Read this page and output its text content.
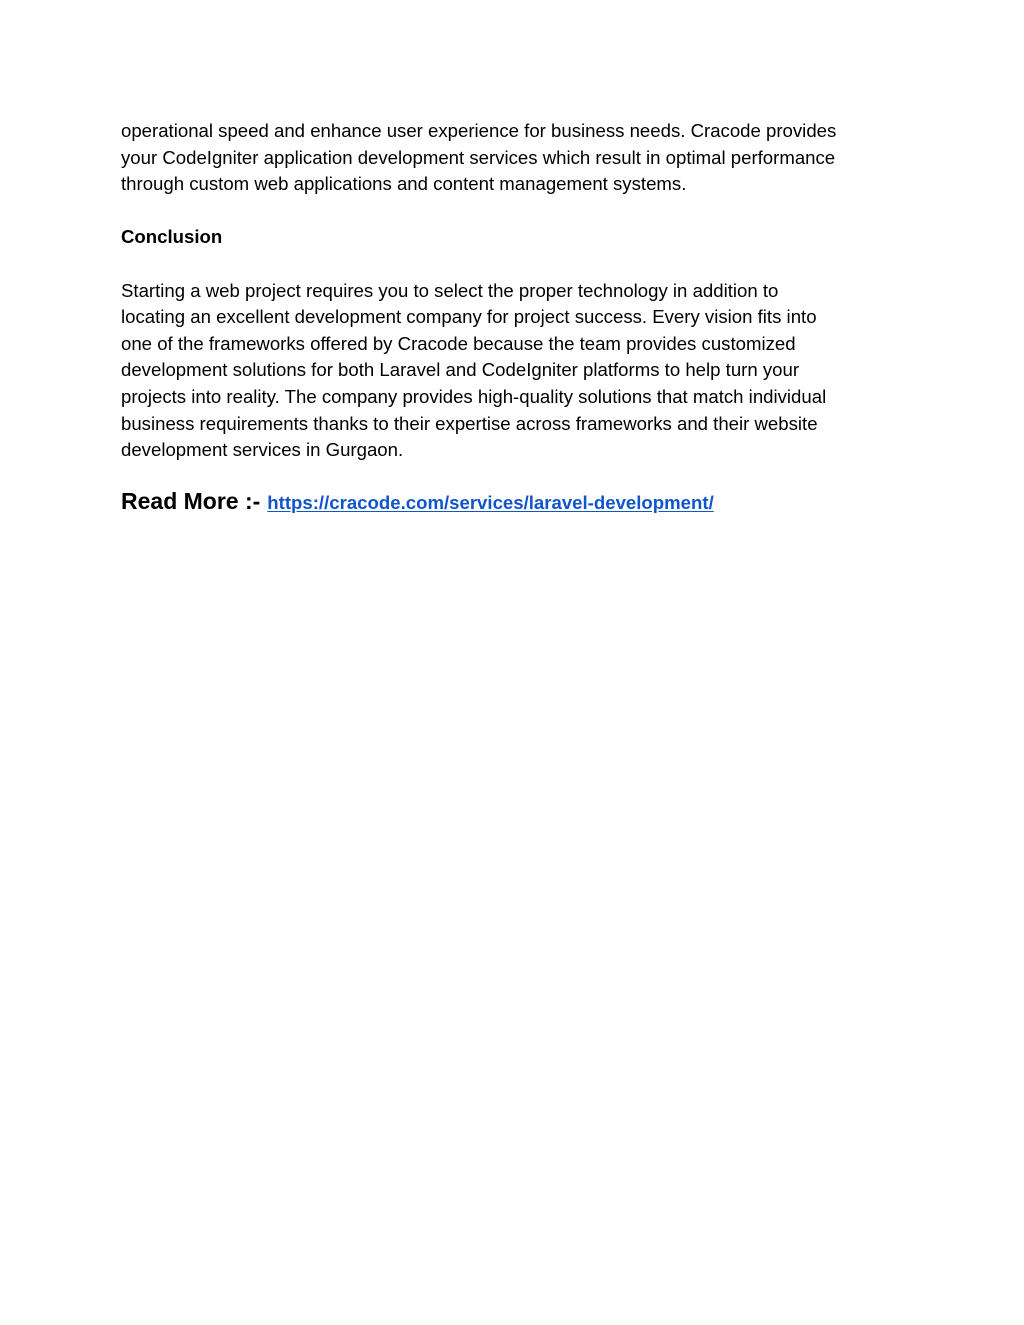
operational speed and enhance user experience for business needs. Cracode provides
your CodeIgniter application development services which result in optimal performance
through custom web applications and content management systems.

Conclusion

Starting a web project requires you to select the proper technology in addition to
locating an excellent development company for project success. Every vision fits into
one of the frameworks offered by Cracode because the team provides customized
development solutions for both Laravel and CodeIgniter platforms to help turn your
projects into reality. The company provides high-quality solutions that match individual
business requirements thanks to their expertise across frameworks and their website
development services in Gurgaon.

Read More :- https://cracode.com/services/laravel-development/
